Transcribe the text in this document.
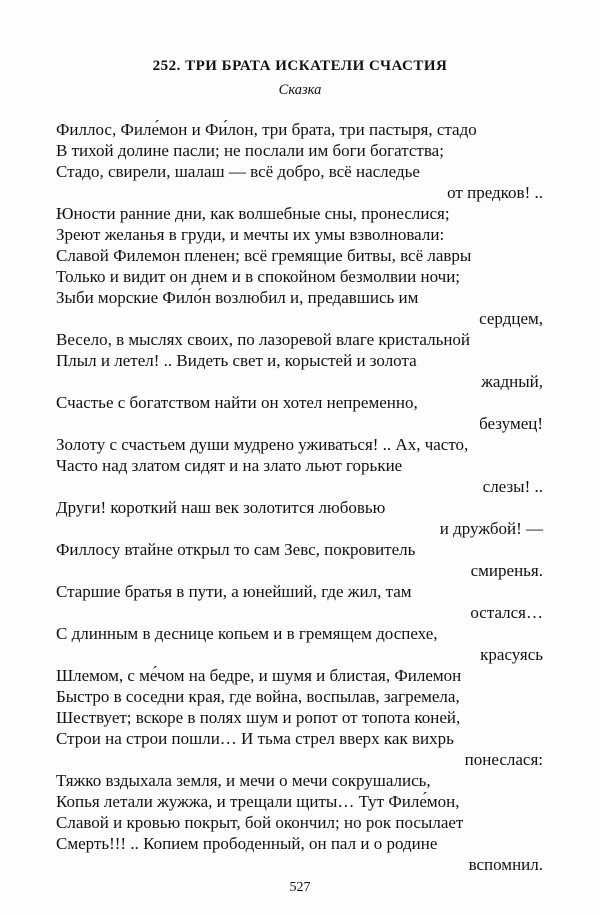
252. ТРИ БРАТА ИСКАТЕЛИ СЧАСТИЯ
Сказка
Филлос, Филе́мон и Фи́лон, три брата, три пастыря, стадо
В тихой долине пасли; не послали им боги богатства;
Стадо, свирели, шалаш — всё добро, всё наследье
от предков! ..
Юности ранние дни, как волшебные сны, пронеслися;
Зреют желанья в груди, и мечты их умы взволновали:
Славой Филемон пленен; всё гремящие битвы, всё лавры
Только и видит он днем и в спокойном безмолвии ночи;
Зыби морские Фило́н возлюбил и, предавшись им
сердцем,
Весело, в мыслях своих, по лазоревой влаге кристальной
Плыл и летел! .. Видеть свет и, корыстей и золота
жадный,
Счастье с богатством найти он хотел непременно,
безумец!
Золоту с счастьем души мудрено уживаться! .. Ах, часто,
Часто над златом сидят и на злато льют горькие
слезы! ..
Други! короткий наш век золотится любовью
и дружбой! —
Филлосу втайне открыл то сам Зевс, покровитель
смиренья.
Старшие братья в пути, а юнейший, где жил, там
остался…
С длинным в деснице копьем и в гремящем доспехе,
красуясь
Шлемом, с ме́чом на бедре, и шумя и блистая, Филемон
Быстро в соседни края, где война, воспылав, загремела,
Шествует; вскоре в полях шум и ропот от топота коней,
Строи на строи пошли… И тьма стрел вверх как вихрь
понеслася:
Тяжко вздыхала земля, и мечи о мечи сокрушались,
Копья летали жужжа, и трещали щиты… Тут Филе́мон,
Славой и кровью покрыт, бой окончил; но рок посылает
Смерть!!! .. Копием прободенный, он пал и о родине
вспомнил.
527
